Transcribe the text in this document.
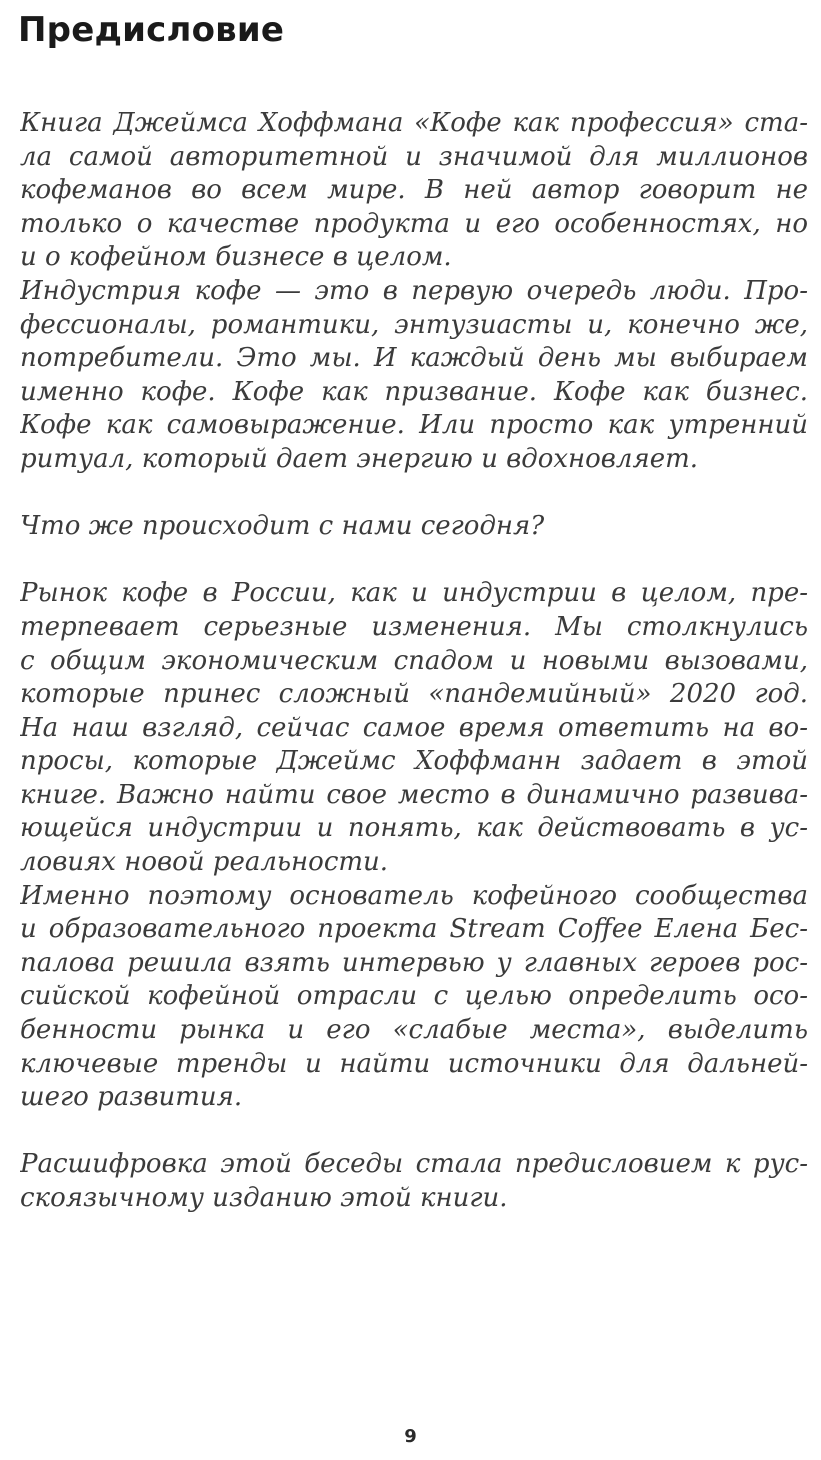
Предисловие
Книга Джеймса Хоффмана «Кофе как профессия» ста-
ла самой авторитетной и значимой для миллионов
кофеманов во всем мире. В ней автор говорит не
только о качестве продукта и его особенностях, но
и о кофейном бизнесе в целом.
Индустрия кофе — это в первую очередь люди. Про-
фессионалы, романтики, энтузиасты и, конечно же,
потребители. Это мы. И каждый день мы выбираем
именно кофе. Кофе как призвание. Кофе как бизнес.
Кофе как самовыражение. Или просто как утренний
ритуал, который дает энергию и вдохновляет.
Что же происходит с нами сегодня?
Рынок кофе в России, как и индустрии в целом, пре-
терпевает серьезные изменения. Мы столкнулись
с общим экономическим спадом и новыми вызовами,
которые принес сложный «пандемийный» 2020 год.
На наш взгляд, сейчас самое время ответить на во-
просы, которые Джеймс Хоффманн задает в этой
книге. Важно найти свое место в динамично развива-
ющейся индустрии и понять, как действовать в ус-
ловиях новой реальности.
Именно поэтому основатель кофейного сообщества
и образовательного проекта Stream Coffee Елена Бес-
палова решила взять интервью у главных героев рос-
сийской кофейной отрасли с целью определить осо-
бенности рынка и его «слабые места», выделить
ключевые тренды и найти источники для дальней-
шего развития.
Расшифровка этой беседы стала предисловием к рус-
скоязычному изданию этой книги.
9
